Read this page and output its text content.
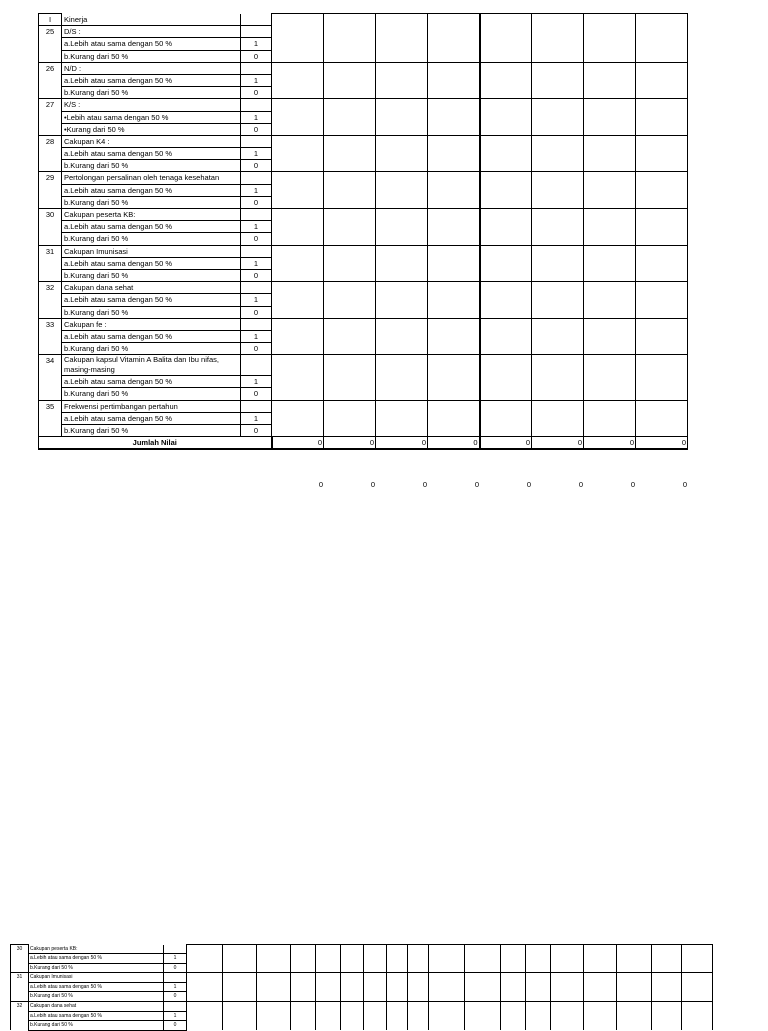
I	Kinerja									
25	D/S :									
	a.Lebih atau sama dengan 50 %	1								
	b.Kurang dari 50 %	0								
26	N/D :									
	a.Lebih atau sama dengan 50 %	1								
	b.Kurang dari 50 %	0								
27	K/S :									
	•Lebih atau sama dengan 50 %	1								
	•Kurang dari 50 %	0								
28	Cakupan K4 :									
	a.Lebih atau sama dengan 50 %	1								
	b.Kurang dari 50 %	0								
29	Pertolongan persalinan oleh tenaga kesehatan									
	a.Lebih atau sama dengan 50 %	1								
	b.Kurang dari 50 %	0								
30	Cakupan peserta KB:									
	a.Lebih atau sama dengan 50 %	1								
	b.Kurang dari 50 %	0								
31	Cakupan Imunisasi									
	a.Lebih atau sama dengan 50 %	1								
	b.Kurang dari 50 %	0								
32	Cakupan dana sehat									
	a.Lebih atau sama dengan 50 %	1								
	b.Kurang dari 50 %	0								
33	Cakupan fe :									
	a.Lebih atau sama dengan 50 %	1								
	b.Kurang dari 50 %	0								
34	Cakupan kapsul Vitamin A Balita dan Ibu nifas, masing-masing									
	a.Lebih atau sama dengan 50 %	1								
	b.Kurang dari 50 %	0								
35	Frekwensi pertimbangan pertahun									
	a.Lebih atau sama dengan 50 %	1								
	b.Kurang dari 50 %	0								
Jumlah Nilai			0	0	0	0	0	0	0	0
0	0	0	0	0	0	0	0
30	Cakupan peserta KB:																			
	a.Lebih atau sama dengan 50 %	1																		
	b.Kurang dari 50 %	0																		
31	Cakupan Imunisasi																			
	a.Lebih atau sama dengan 50 %	1																		
	b.Kurang dari 50 %	0																		
32	Cakupan dana sehat																			
	a.Lebih atau sama dengan 50 %	1																		
	b.Kurang dari 50 %	0																		
